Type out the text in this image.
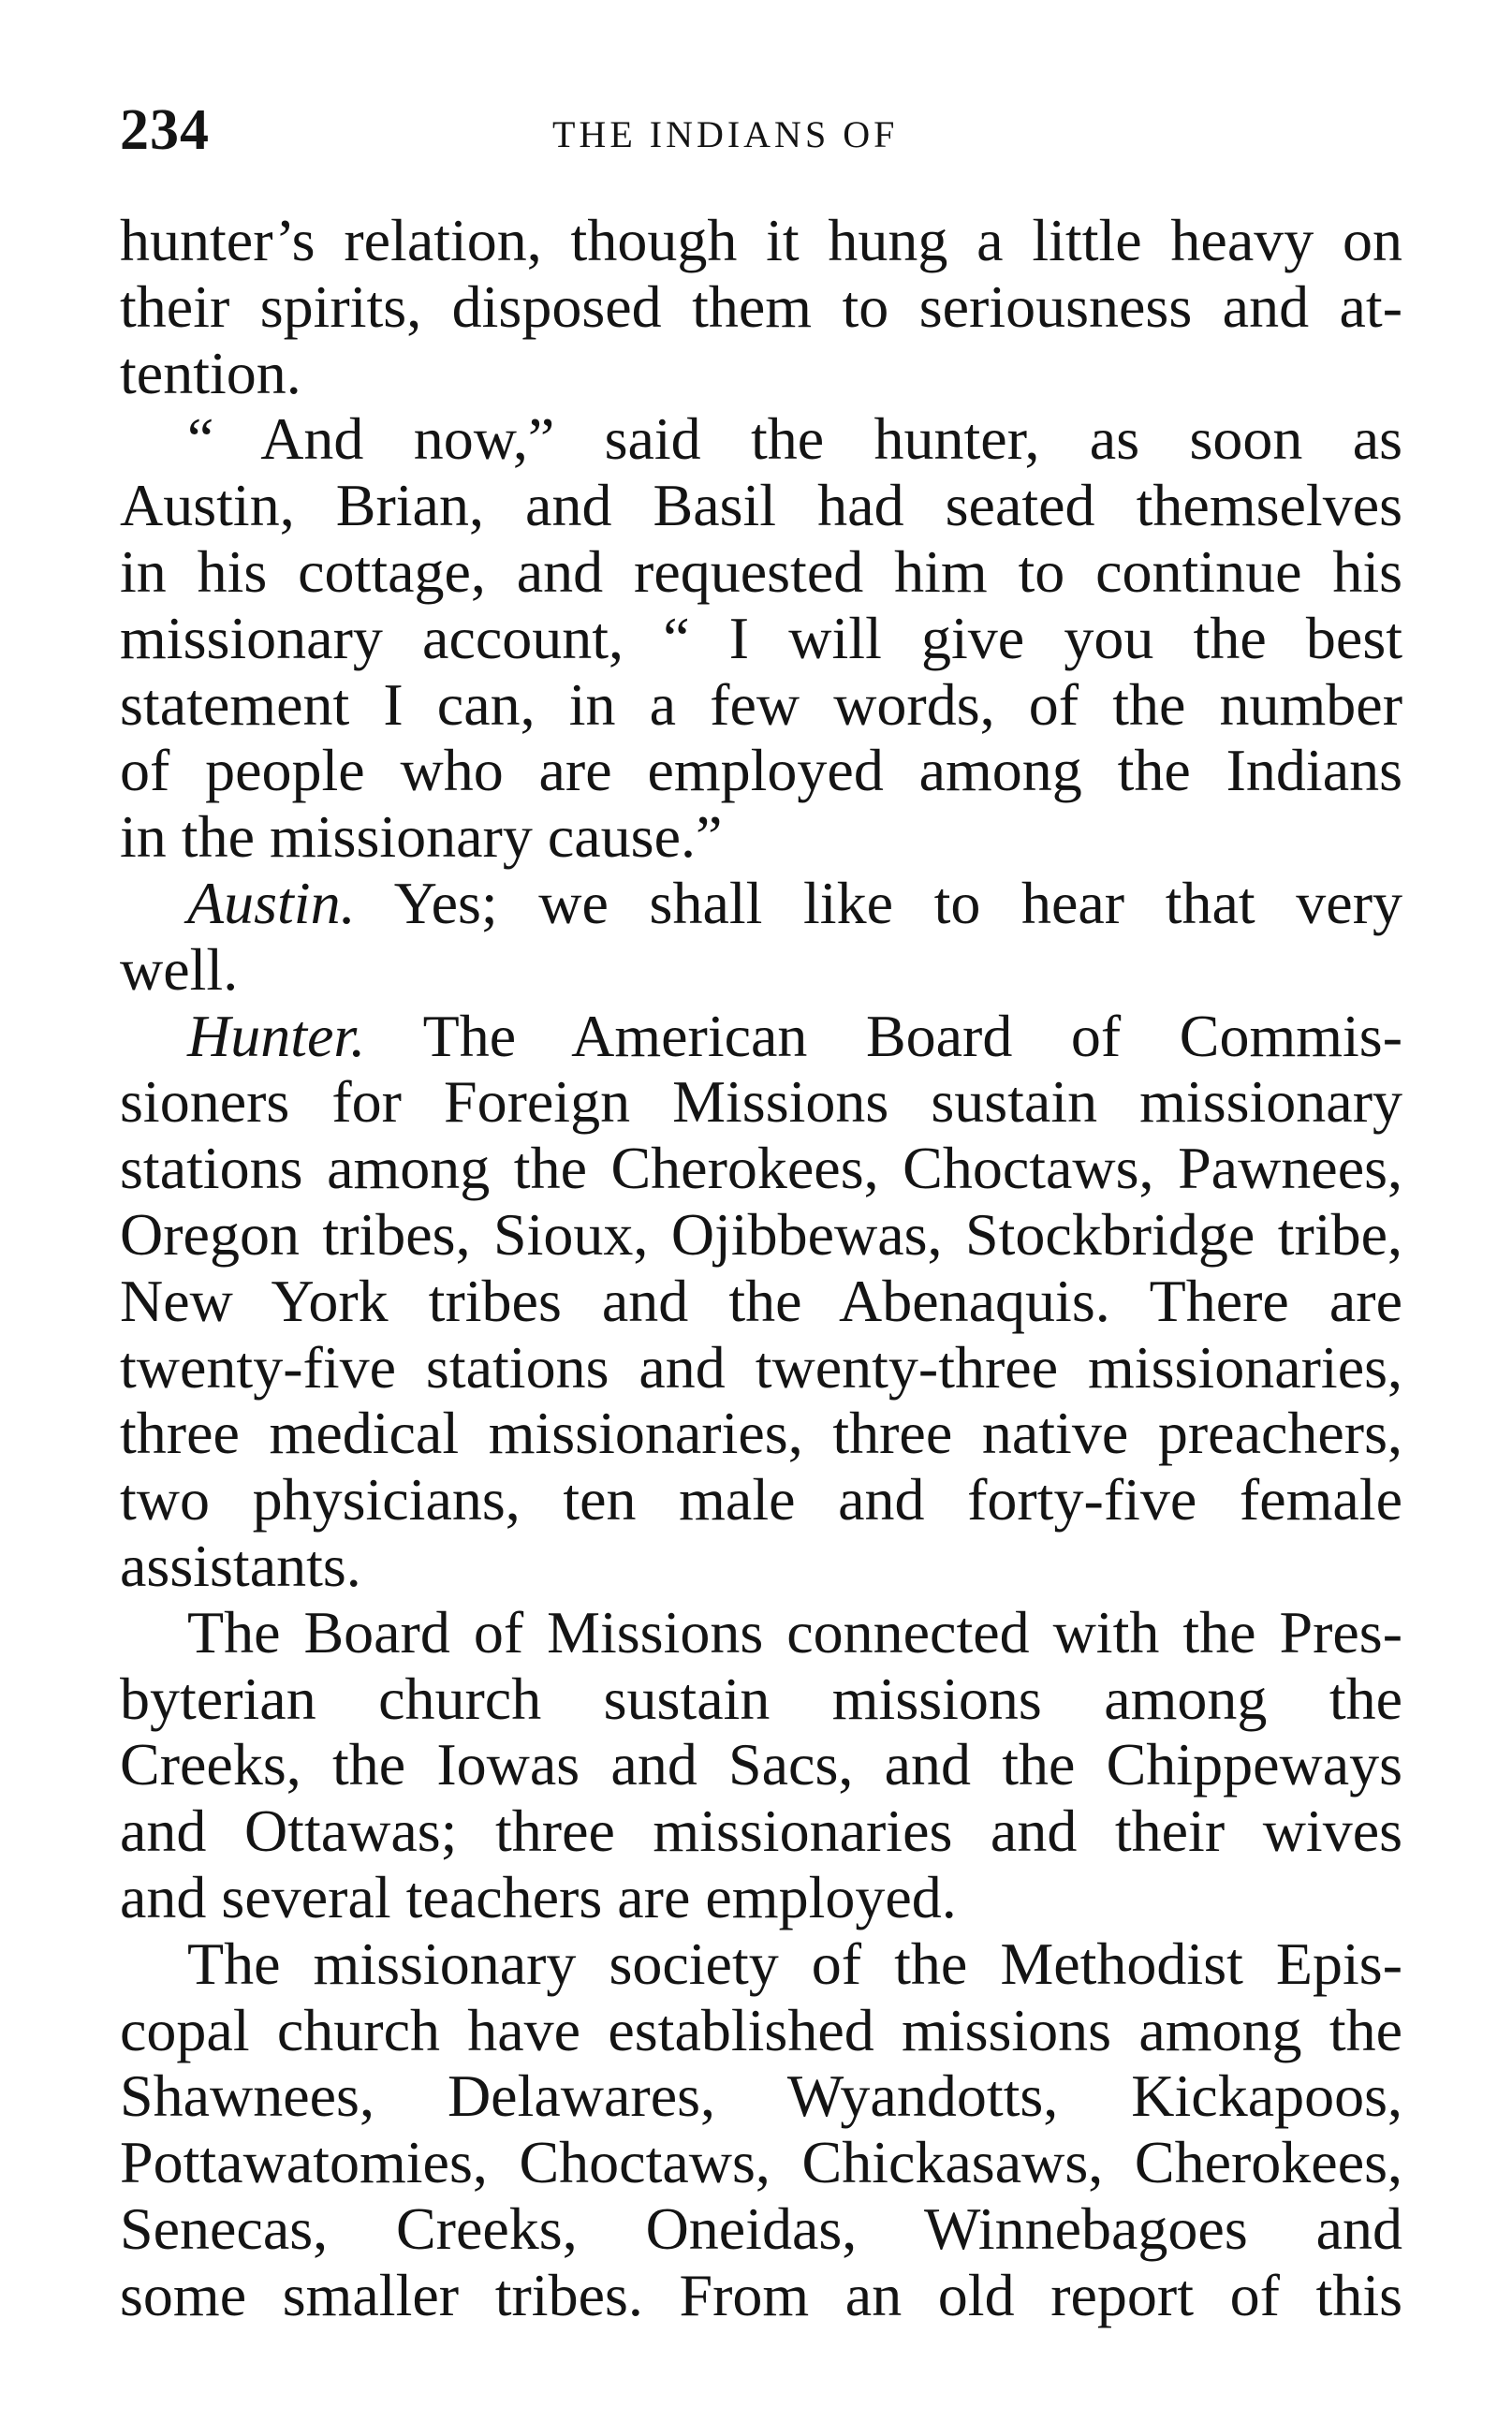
234	THE INDIANS OF
hunter’s relation, though it hung a little heavy on
their spirits, disposed them to seriousness and at-
tention.
“ And now,” said the hunter, as soon as
Austin, Brian, and Basil had seated themselves
in his cottage, and requested him to continue his
missionary account, “ I will give you the best
statement I can, in a few words, of the number
of people who are employed among the Indians
in the missionary cause.”
Austin. Yes; we shall like to hear that very
well.
Hunter. The American Board of Commis-
sioners for Foreign Missions sustain missionary
stations among the Cherokees, Choctaws, Pawnees,
Oregon tribes, Sioux, Ojibbewas, Stockbridge tribe,
New York tribes and the Abenaquis. There are
twenty-five stations and twenty-three missionaries,
three medical missionaries, three native preachers,
two physicians, ten male and forty-five female
assistants.
The Board of Missions connected with the Pres-
byterian church sustain missions among the
Creeks, the Iowas and Sacs, and the Chippeways
and Ottawas; three missionaries and their wives
and several teachers are employed.
The missionary society of the Methodist Epis-
copal church have established missions among the
Shawnees, Delawares, Wyandotts, Kickapoos,
Pottawatomies, Choctaws, Chickasaws, Cherokees,
Senecas, Creeks, Oneidas, Winnebagoes and
some smaller tribes. From an old report of this
